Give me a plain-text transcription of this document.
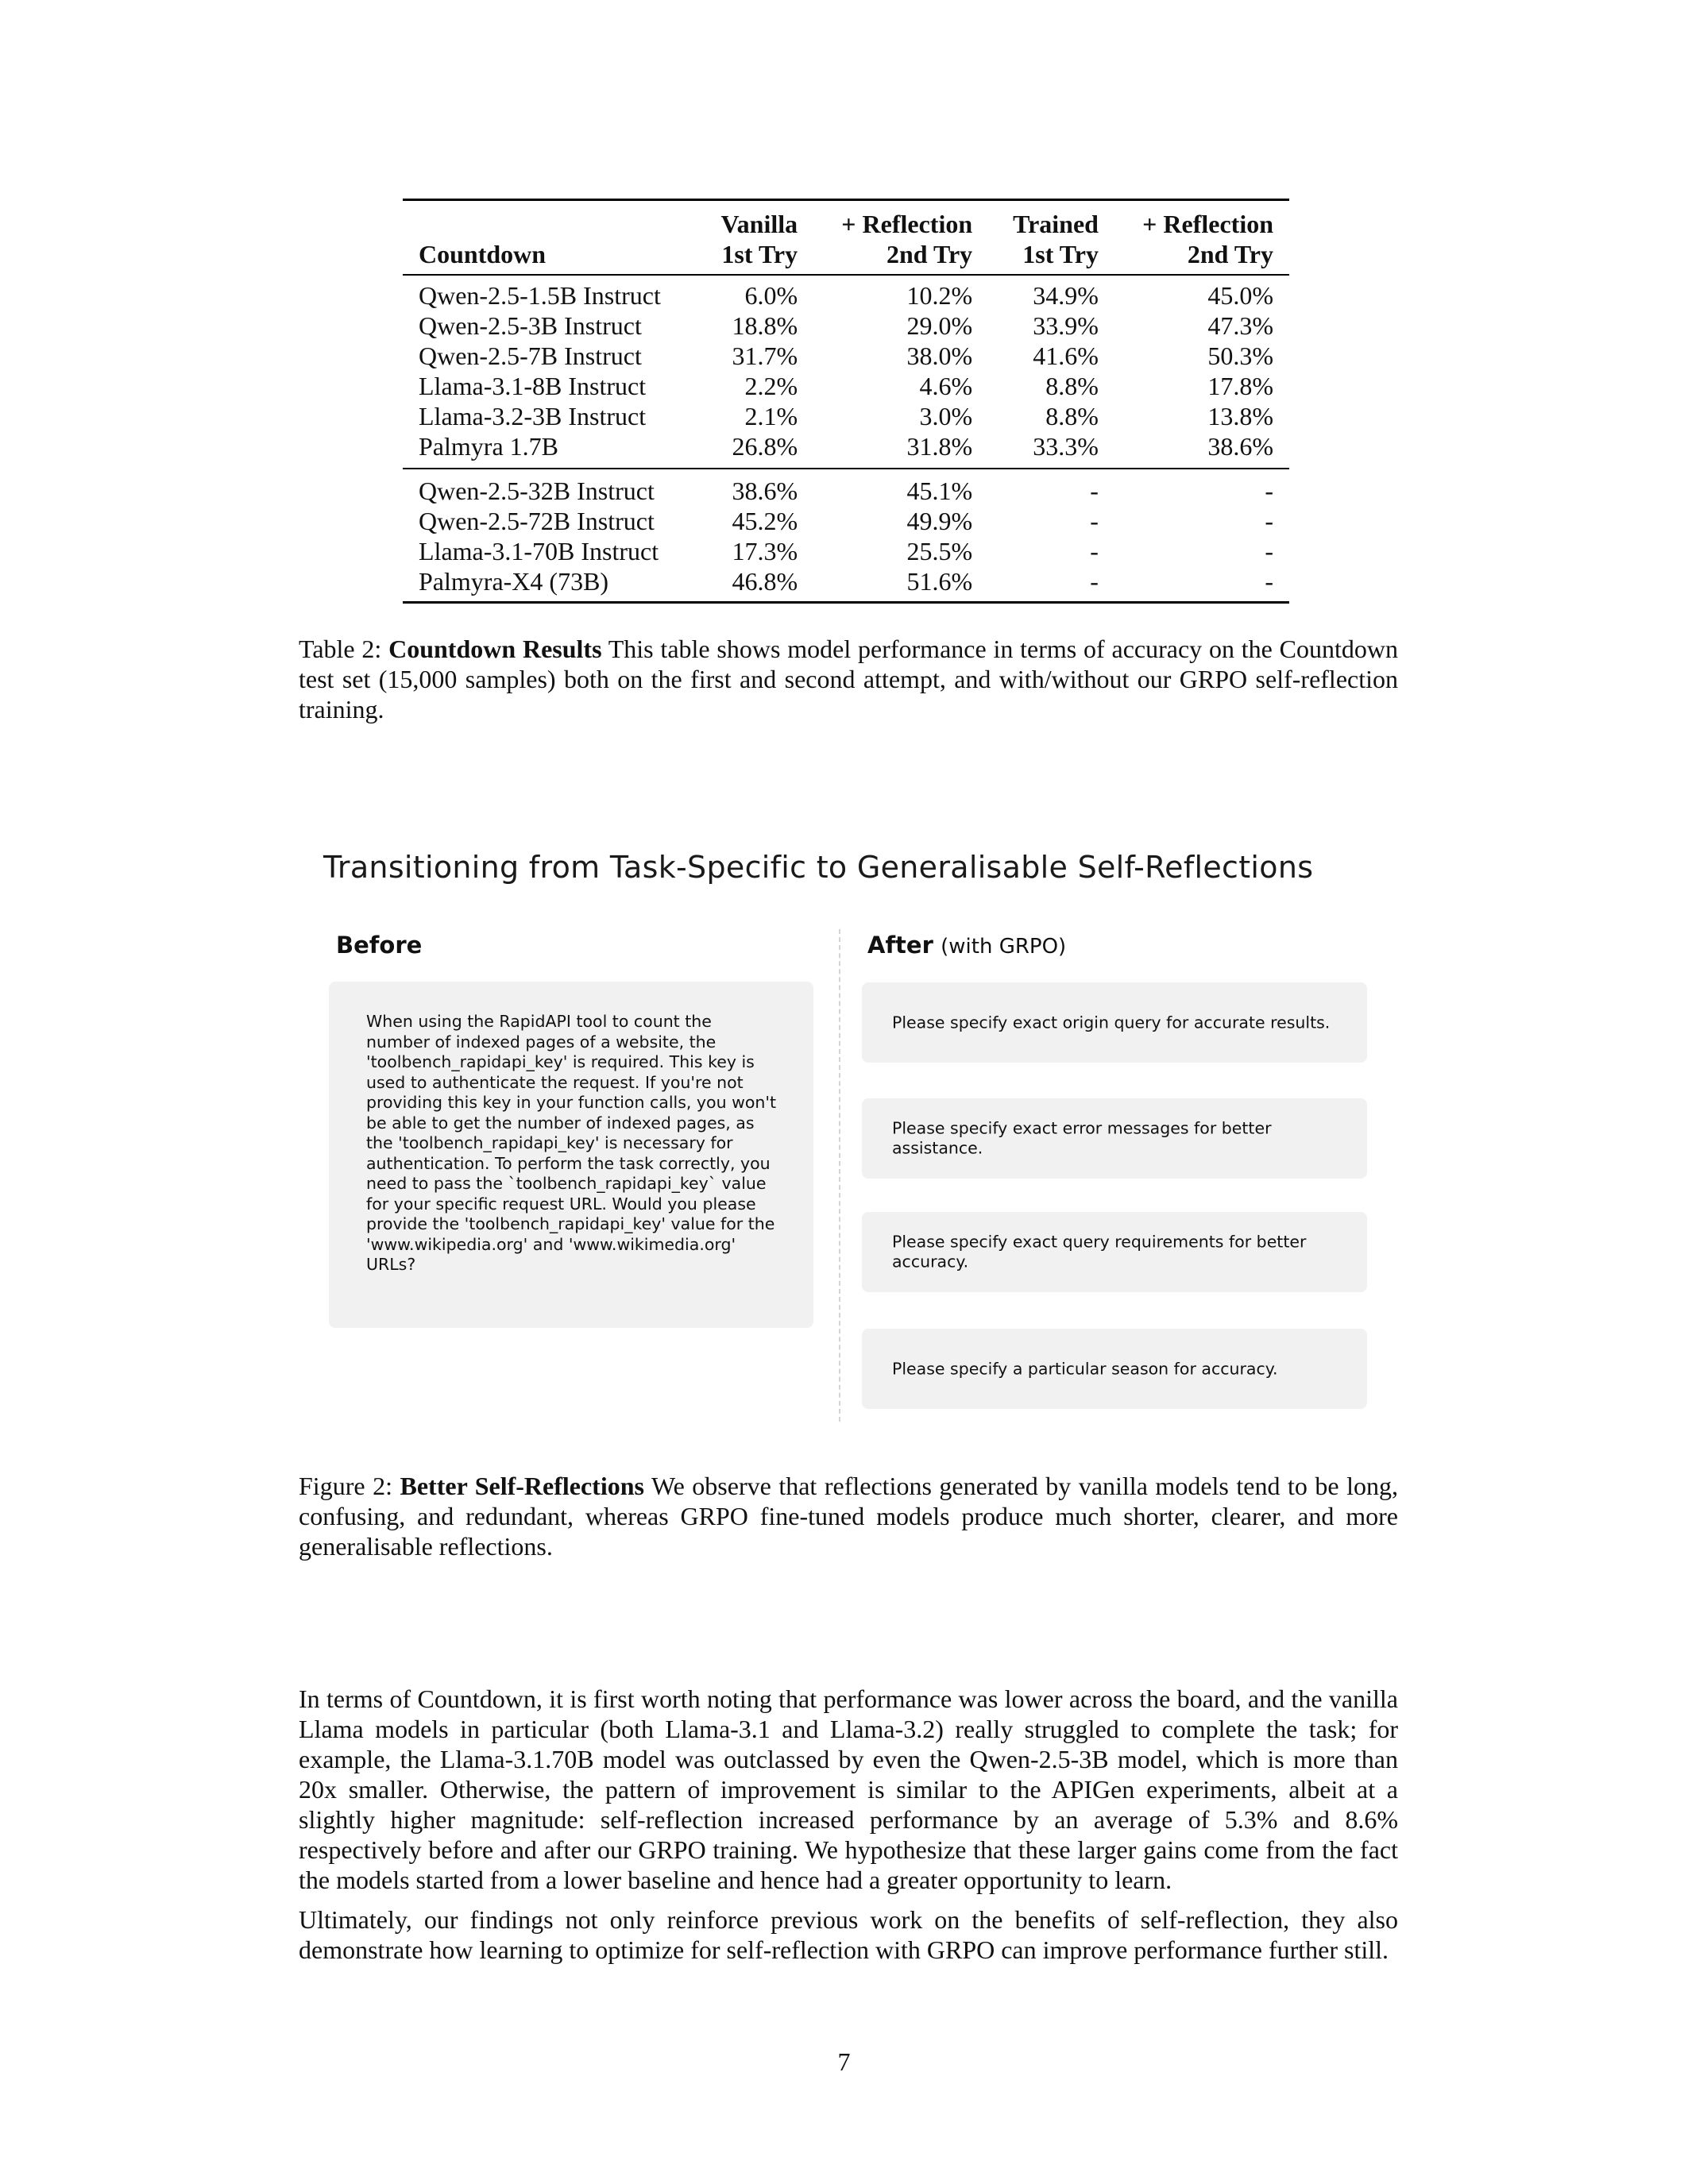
	Vanilla	+ Reflection	Trained	+ Reflection
Countdown	1st Try	2nd Try	1st Try	2nd Try
Qwen-2.5-1.5B Instruct	6.0%	10.2%	34.9%	45.0%
Qwen-2.5-3B Instruct	18.8%	29.0%	33.9%	47.3%
Qwen-2.5-7B Instruct	31.7%	38.0%	41.6%	50.3%
Llama-3.1-8B Instruct	2.2%	4.6%	8.8%	17.8%
Llama-3.2-3B Instruct	2.1%	3.0%	8.8%	13.8%
Palmyra 1.7B	26.8%	31.8%	33.3%	38.6%
Qwen-2.5-32B Instruct	38.6%	45.1%	-	-
Qwen-2.5-72B Instruct	45.2%	49.9%	-	-
Llama-3.1-70B Instruct	17.3%	25.5%	-	-
Palmyra-X4 (73B)	46.8%	51.6%	-	-

Table 2: Countdown Results This table shows model performance in terms of accuracy on the Countdown test set (15,000 samples) both on the first and second attempt, and with/without our GRPO self-reflection training.

Transitioning from Task-Specific to Generalisable Self-Reflections
Before	After (with GRPO)

When using the RapidAPI tool to count the number of indexed pages of a website, the 'toolbench_rapidapi_key' is required. This key is used to authenticate the request. If you're not providing this key in your function calls, you won't be able to get the number of indexed pages, as the 'toolbench_rapidapi_key' is necessary for authentication. To perform the task correctly, you need to pass the `toolbench_rapidapi_key` value for your specific request URL. Would you please provide the 'toolbench_rapidapi_key' value for the 'www.wikipedia.org' and 'www.wikimedia.org' URLs?

Please specify exact origin query for accurate results.

Please specify exact error messages for better assistance.

Please specify exact query requirements for better accuracy.

Please specify a particular season for accuracy.

Figure 2: Better Self-Reflections We observe that reflections generated by vanilla models tend to be long, confusing, and redundant, whereas GRPO fine-tuned models produce much shorter, clearer, and more generalisable reflections.

In terms of Countdown, it is first worth noting that performance was lower across the board, and the vanilla Llama models in particular (both Llama-3.1 and Llama-3.2) really struggled to complete the task; for example, the Llama-3.1.70B model was outclassed by even the Qwen-2.5-3B model, which is more than 20x smaller. Otherwise, the pattern of improvement is similar to the APIGen experiments, albeit at a slightly higher magnitude: self-reflection increased performance by an average of 5.3% and 8.6% respectively before and after our GRPO training. We hypothesize that these larger gains come from the fact the models started from a lower baseline and hence had a greater opportunity to learn.

Ultimately, our findings not only reinforce previous work on the benefits of self-reflection, they also demonstrate how learning to optimize for self-reflection with GRPO can improve performance further still.

7
